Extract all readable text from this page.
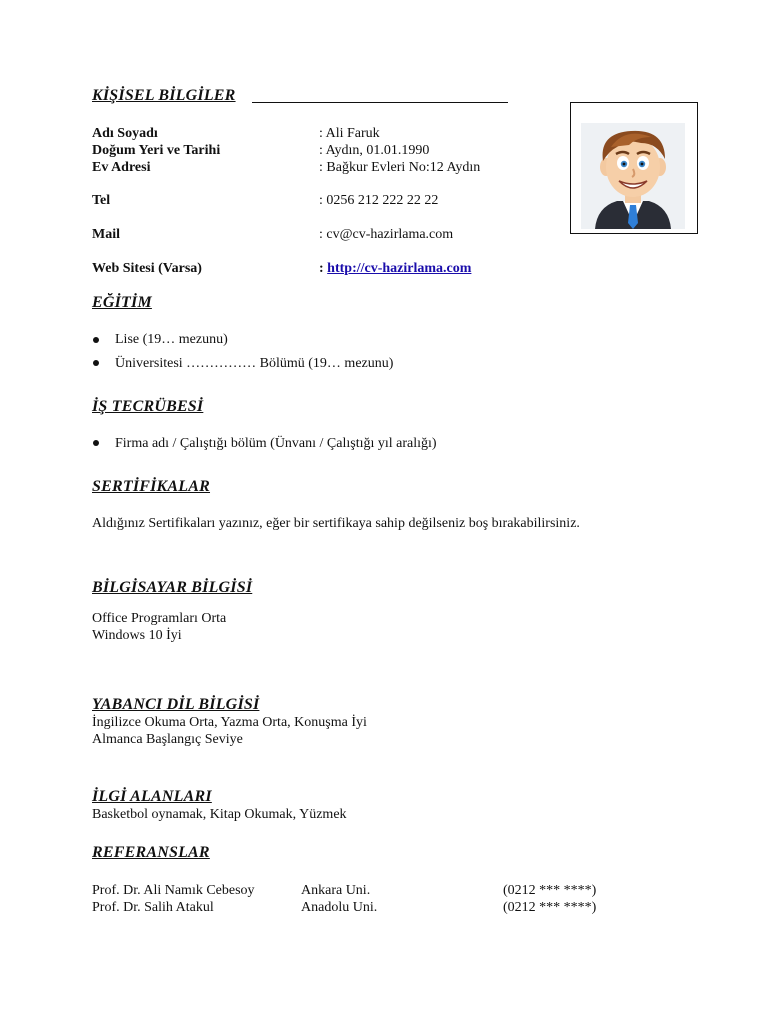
KİŞİSEL BİLGİLER
Adı Soyadı	: Ali Faruk
Doğum Yeri ve Tarihi	: Aydın, 01.01.1990
Ev Adresi	: Bağkur Evleri No:12 Aydın
Tel	: 0256 212 222 22 22
Mail	: cv@cv-hazirlama.com
Web Sitesi (Varsa)	: http://cv-hazirlama.com
EĞİTİM
Lise (19… mezunu)
Üniversitesi …………… Bölümü (19… mezunu)
İŞ TECRÜBESİ
Firma adı / Çalıştığı bölüm (Ünvanı / Çalıştığı yıl aralığı)
SERTİFİKALAR
Aldığınız Sertifikaları yazınız, eğer bir sertifikaya sahip değilseniz boş bırakabilirsiniz.
BİLGİSAYAR BİLGİSİ
Office Programları Orta
Windows 10 İyi
YABANCI DİL BİLGİSİ
İngilizce Okuma Orta, Yazma Orta, Konuşma İyi
Almanca Başlangıç Seviye
İLGİ ALANLARI
Basketbol oynamak, Kitap Okumak, Yüzmek
REFERANSLAR
Prof. Dr. Ali Namık Cebesoy	Ankara Uni.	(0212 *** ****)
Prof. Dr. Salih Atakul	Anadolu Uni.	(0212 *** ****)
